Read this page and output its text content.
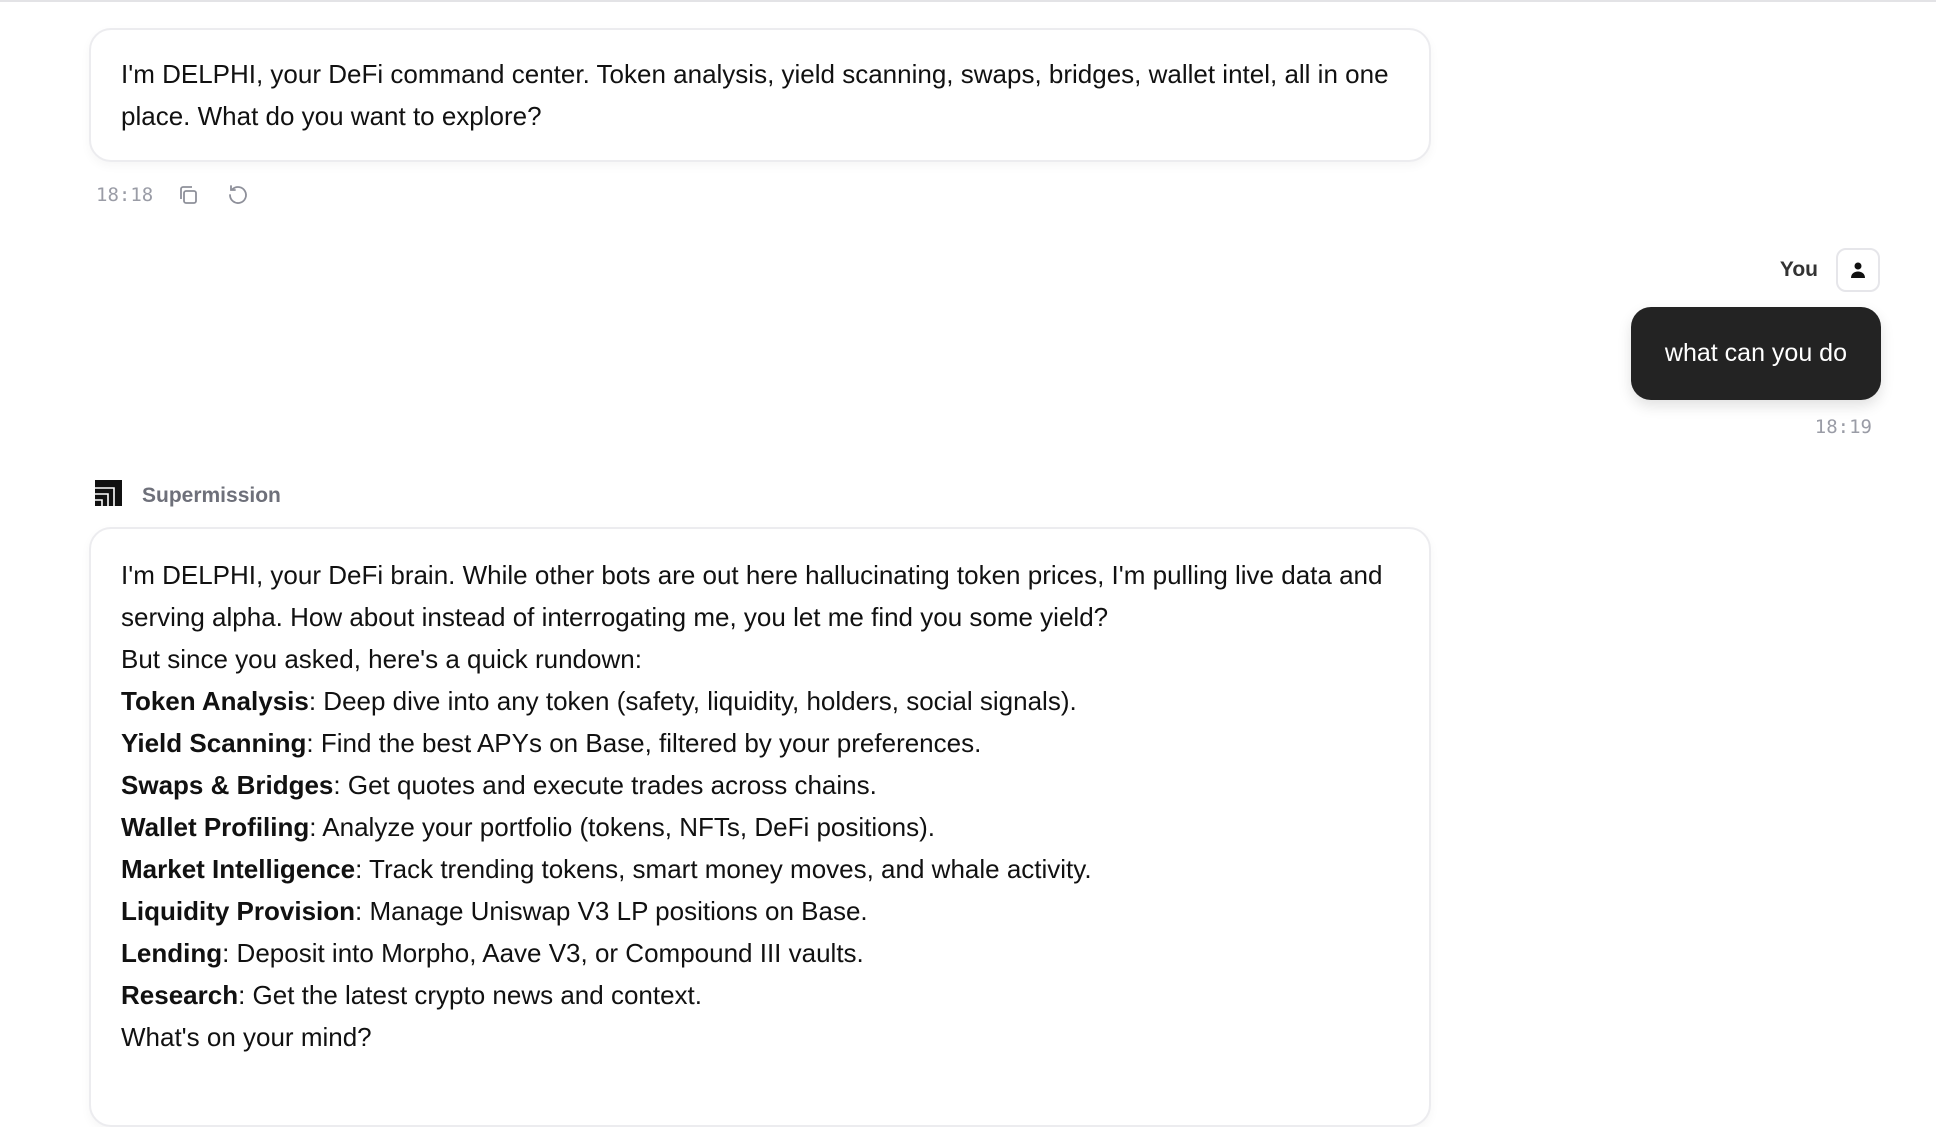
I'm DELPHI, your DeFi command center. Token analysis, yield scanning, swaps, bridges, wallet intel, all in one place. What do you want to explore?

18:18
You
what can you do
18:19
Supermission

I'm DELPHI, your DeFi brain. While other bots are out here hallucinating token prices, I'm pulling live data and serving alpha. How about instead of interrogating me, you let me find you some yield?

But since you asked, here's a quick rundown:

Token Analysis: Deep dive into any token (safety, liquidity, holders, social signals).

Yield Scanning: Find the best APYs on Base, filtered by your preferences.

Swaps & Bridges: Get quotes and execute trades across chains.

Wallet Profiling: Analyze your portfolio (tokens, NFTs, DeFi positions).

Market Intelligence: Track trending tokens, smart money moves, and whale activity.

Liquidity Provision: Manage Uniswap V3 LP positions on Base.

Lending: Deposit into Morpho, Aave V3, or Compound III vaults.

Research: Get the latest crypto news and context.

What's on your mind?
